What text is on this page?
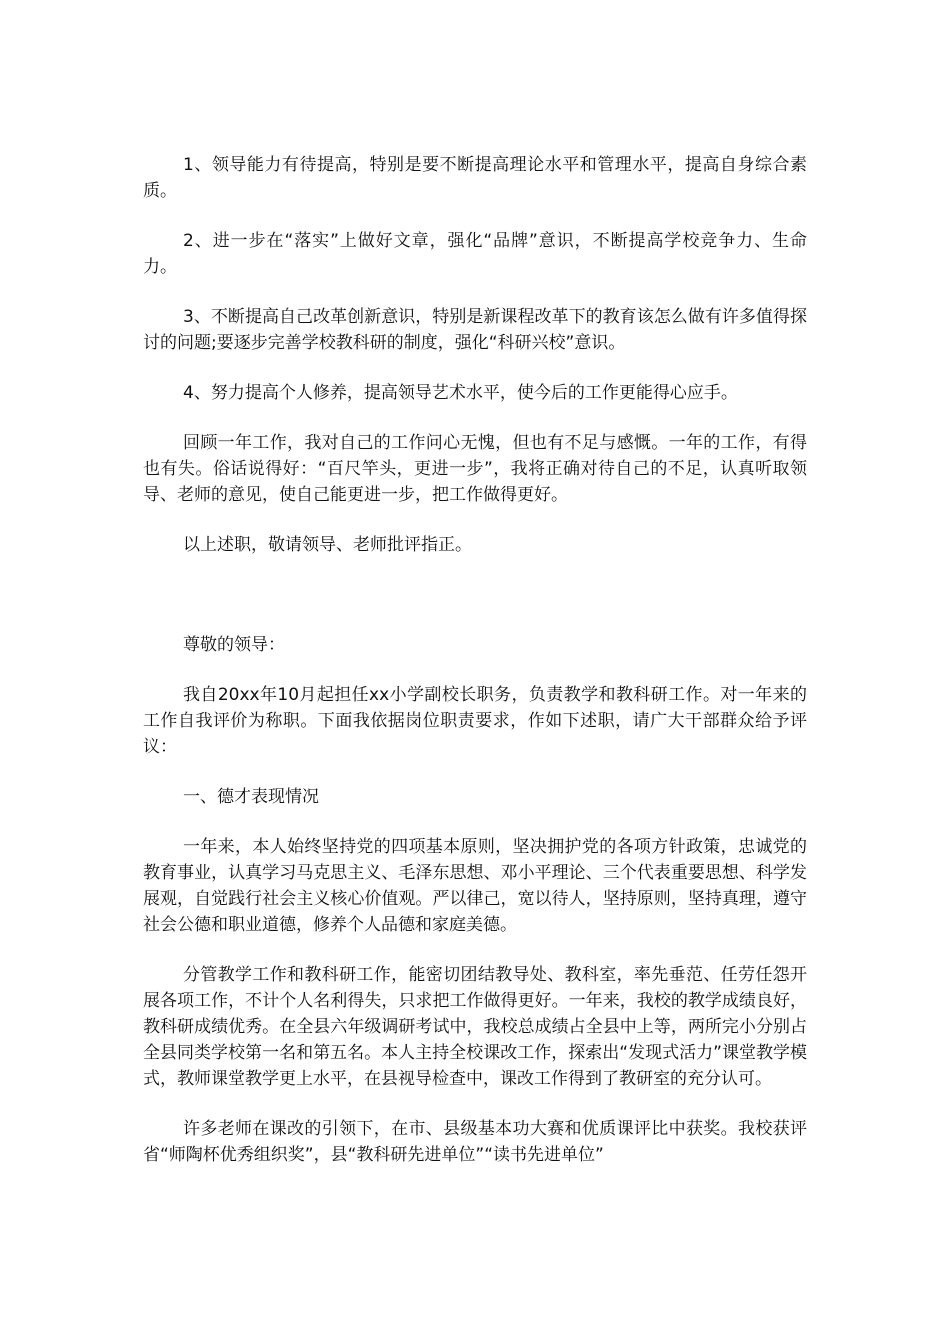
1、领导能力有待提高，特别是要不断提高理论水平和管理水平，提高自身综合素质。

2、进一步在“落实”上做好文章，强化“品牌”意识，不断提高学校竞争力、生命力。

3、不断提高自己改革创新意识，特别是新课程改革下的教育该怎么做有许多值得探讨的问题;要逐步完善学校教科研的制度，强化“科研兴校”意识。

4、努力提高个人修养，提高领导艺术水平，使今后的工作更能得心应手。

回顾一年工作，我对自己的工作问心无愧，但也有不足与感慨。一年的工作，有得也有失。俗话说得好：“百尺竿头，更进一步”，我将正确对待自己的不足，认真听取领导、老师的意见，使自己能更进一步，把工作做得更好。

以上述职，敬请领导、老师批评指正。

尊敬的领导：

我自20xx年10月起担任xx小学副校长职务，负责教学和教科研工作。对一年来的工作自我评价为称职。下面我依据岗位职责要求，作如下述职，请广大干部群众给予评议：

一、德才表现情况

一年来，本人始终坚持党的四项基本原则，坚决拥护党的各项方针政策，忠诚党的教育事业，认真学习马克思主义、毛泽东思想、邓小平理论、三个代表重要思想、科学发展观，自觉践行社会主义核心价值观。严以律己，宽以待人，坚持原则，坚持真理，遵守社会公德和职业道德，修养个人品德和家庭美德。

分管教学工作和教科研工作，能密切团结教导处、教科室，率先垂范、任劳任怨开展各项工作，不计个人名利得失，只求把工作做得更好。一年来，我校的教学成绩良好，教科研成绩优秀。在全县六年级调研考试中，我校总成绩占全县中上等，两所完小分别占全县同类学校第一名和第五名。本人主持全校课改工作，探索出“发现式活力”课堂教学模式，教师课堂教学更上水平，在县视导检查中，课改工作得到了教研室的充分认可。

许多老师在课改的引领下，在市、县级基本功大赛和优质课评比中获奖。我校获评省“师陶杯优秀组织奖”，县“教科研先进单位”“读书先进单位”
